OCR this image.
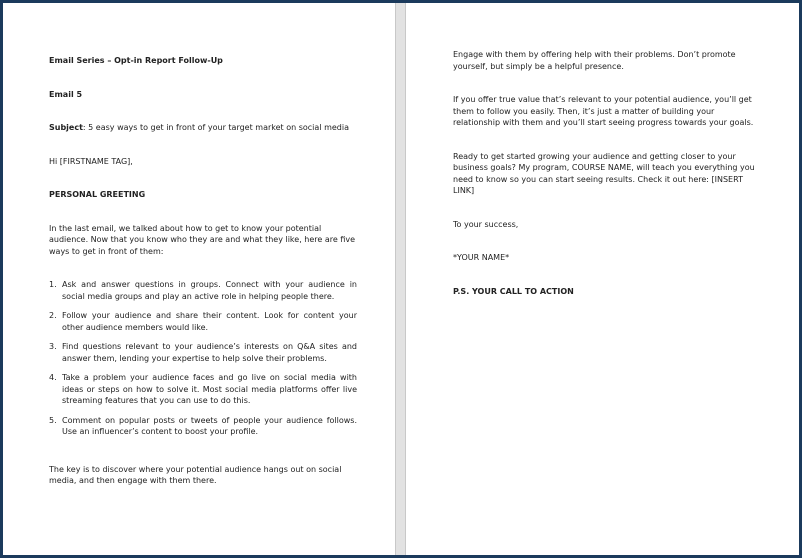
Email Series – Opt-in Report Follow-Up

Email 5

Subject: 5 easy ways to get in front of your target market on social media

Hi [FIRSTNAME TAG],

PERSONAL GREETING

In the last email, we talked about how to get to know your potential audience. Now that you know who they are and what they like, here are five ways to get in front of them:

1. Ask and answer questions in groups. Connect with your audience in social media groups and play an active role in helping people there.
2. Follow your audience and share their content. Look for content your other audience members would like.
3. Find questions relevant to your audience’s interests on Q&A sites and answer them, lending your expertise to help solve their problems.
4. Take a problem your audience faces and go live on social media with ideas or steps on how to solve it. Most social media platforms offer live streaming features that you can use to do this.
5. Comment on popular posts or tweets of people your audience follows. Use an influencer’s content to boost your profile.

The key is to discover where your potential audience hangs out on social media, and then engage with them there.

Engage with them by offering help with their problems. Don’t promote yourself, but simply be a helpful presence.

If you offer true value that’s relevant to your potential audience, you’ll get them to follow you easily. Then, it’s just a matter of building your relationship with them and you’ll start seeing progress towards your goals.

Ready to get started growing your audience and getting closer to your business goals? My program, COURSE NAME, will teach you everything you need to know so you can start seeing results. Check it out here: [INSERT LINK]

To your success,

*YOUR NAME*

P.S. YOUR CALL TO ACTION
